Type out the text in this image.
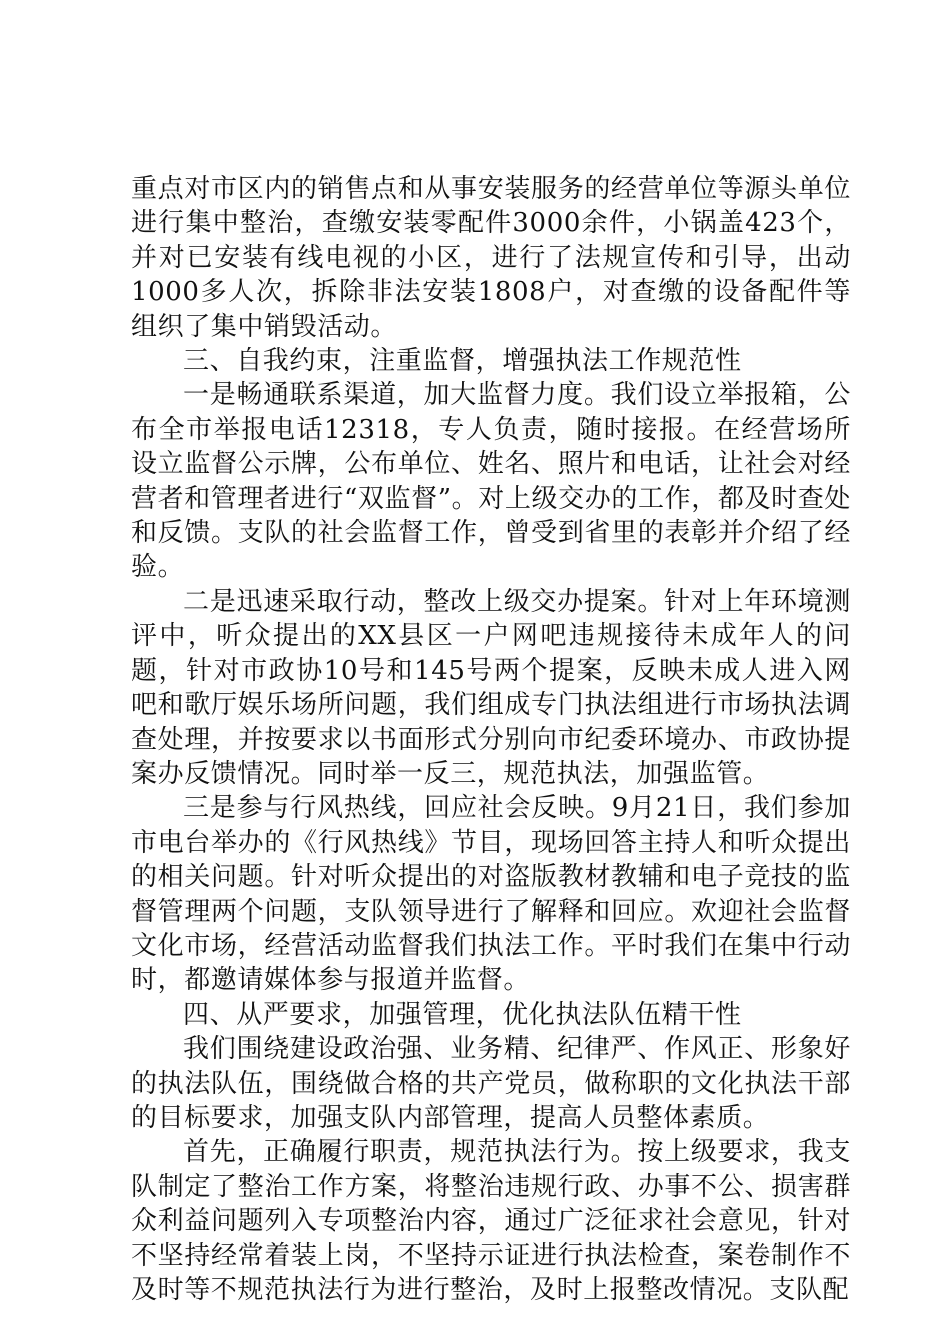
重点对市区内的销售点和从事安装服务的经营单位等源头单位进行集中整治，查缴安装零配件3000余件，小锅盖423个，并对已安装有线电视的小区，进行了法规宣传和引导，出动1000多人次，拆除非法安装1808户，对查缴的设备配件等组织了集中销毁活动。

三、自我约束，注重监督，增强执法工作规范性

一是畅通联系渠道，加大监督力度。我们设立举报箱，公布全市举报电话12318，专人负责，随时接报。在经营场所设立监督公示牌，公布单位、姓名、照片和电话，让社会对经营者和管理者进行“双监督”。对上级交办的工作，都及时查处和反馈。支队的社会监督工作，曾受到省里的表彰并介绍了经验。

二是迅速采取行动，整改上级交办提案。针对上年环境测评中，听众提出的XX县区一户网吧违规接待未成年人的问题，针对市政协10号和145号两个提案，反映未成人进入网吧和歌厅娱乐场所问题，我们组成专门执法组进行市场执法调查处理，并按要求以书面形式分别向市纪委环境办、市政协提案办反馈情况。同时举一反三，规范执法，加强监管。

三是参与行风热线，回应社会反映。9月21日，我们参加市电台举办的《行风热线》节目，现场回答主持人和听众提出的相关问题。针对听众提出的对盗版教材教辅和电子竞技的监督管理两个问题，支队领导进行了解释和回应。欢迎社会监督文化市场，经营活动监督我们执法工作。平时我们在集中行动时，都邀请媒体参与报道并监督。

四、从严要求，加强管理，优化执法队伍精干性

我们围绕建设政治强、业务精、纪律严、作风正、形象好的执法队伍，围绕做合格的共产党员，做称职的文化执法干部的目标要求，加强支队内部管理，提高人员整体素质。

首先，正确履行职责，规范执法行为。按上级要求，我支队制定了整治工作方案，将整治违规行政、办事不公、损害群众利益问题列入专项整治内容，通过广泛征求社会意见，针对不坚持经常着装上岗，不坚持示证进行执法检查，案卷制作不及时等不规范执法行为进行整治，及时上报整改情况。支队配
